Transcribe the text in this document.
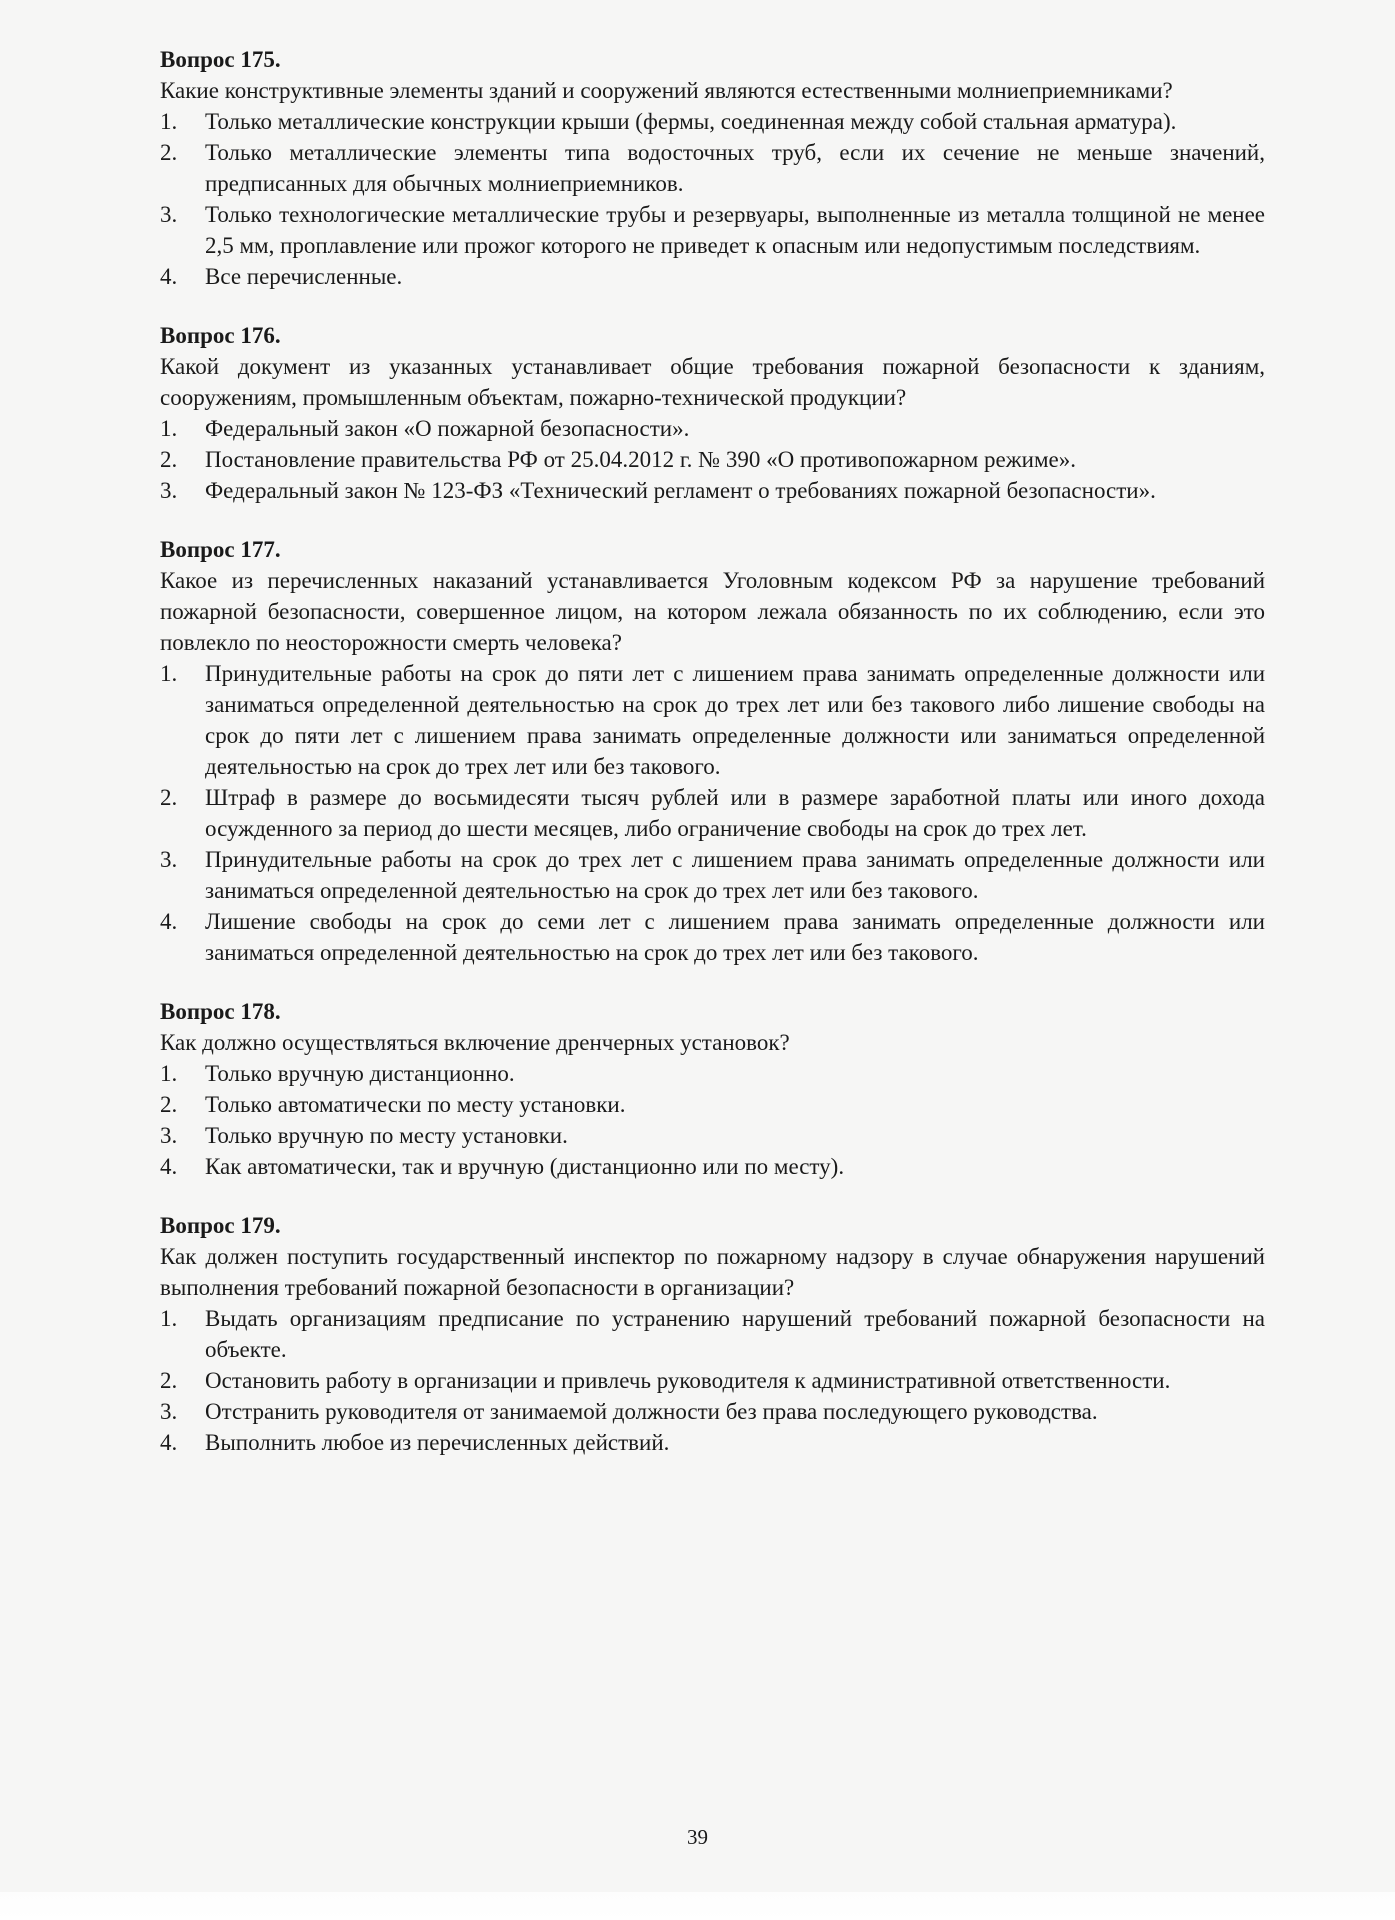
Вопрос 175.
Какие конструктивные элементы зданий и сооружений являются естественными молниеприемниками?
1. Только металлические конструкции крыши (фермы, соединенная между собой стальная арматура).
2. Только металлические элементы типа водосточных труб, если их сечение не меньше значений, предписанных для обычных молниеприемников.
3. Только технологические металлические трубы и резервуары, выполненные из металла толщиной не менее 2,5 мм, проплавление или прожог которого не приведет к опасным или недопустимым последствиям.
4. Все перечисленные.
Вопрос 176.
Какой документ из указанных устанавливает общие требования пожарной безопасности к зданиям, сооружениям, промышленным объектам, пожарно-технической продукции?
1. Федеральный закон «О пожарной безопасности».
2. Постановление правительства РФ от 25.04.2012 г. № 390 «О противопожарном режиме».
3. Федеральный закон № 123-ФЗ «Технический регламент о требованиях пожарной безопасности».
Вопрос 177.
Какое из перечисленных наказаний устанавливается Уголовным кодексом РФ за нарушение требований пожарной безопасности, совершенное лицом, на котором лежала обязанность по их соблюдению, если это повлекло по неосторожности смерть человека?
1. Принудительные работы на срок до пяти лет с лишением права занимать определенные должности или заниматься определенной деятельностью на срок до трех лет или без такового либо лишение свободы на срок до пяти лет с лишением права занимать определенные должности или заниматься определенной деятельностью на срок до трех лет или без такового.
2. Штраф в размере до восьмидесяти тысяч рублей или в размере заработной платы или иного дохода осужденного за период до шести месяцев, либо ограничение свободы на срок до трех лет.
3. Принудительные работы на срок до трех лет с лишением права занимать определенные должности или заниматься определенной деятельностью на срок до трех лет или без такового.
4. Лишение свободы на срок до семи лет с лишением права занимать определенные должности или заниматься определенной деятельностью на срок до трех лет или без такового.
Вопрос 178.
Как должно осуществляться включение дренчерных установок?
1. Только вручную дистанционно.
2. Только автоматически по месту установки.
3. Только вручную по месту установки.
4. Как автоматически, так и вручную (дистанционно или по месту).
Вопрос 179.
Как должен поступить государственный инспектор по пожарному надзору в случае обнаружения нарушений выполнения требований пожарной безопасности в организации?
1. Выдать организациям предписание по устранению нарушений требований пожарной безопасности на объекте.
2. Остановить работу в организации и привлечь руководителя к административной ответственности.
3. Отстранить руководителя от занимаемой должности без права последующего руководства.
4. Выполнить любое из перечисленных действий.
39
